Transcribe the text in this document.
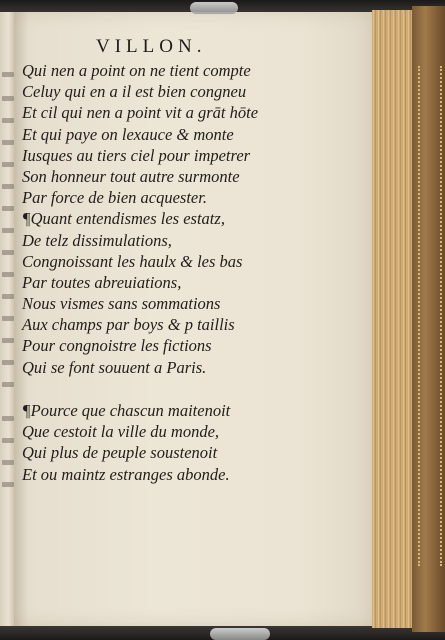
VILLON.
Qui nen a point on ne tient compte
Celuy qui en a il est bien congneu
Et cil qui nen a point vit a grāt hōte
Et qui paye on lexauce & monte
Iusques au tiers ciel pour impetrer
Son honneur tout autre surmonte
Par force de bien acquester.
¶Quant entendismes les estatz,
De telz dissimulations,
Congnoissant les haulx & les bas
Par toutes abreuiations,
Nous vismes sans sommations
Aux champs par boys & p taillis
Pour congnoistre les fictions
Qui se font souuent a Paris.
¶Pource que chascun maitenoit
Que cestoit la ville du monde,
Qui plus de peuple soustenoit
Et ou maintz estranges abonde.
